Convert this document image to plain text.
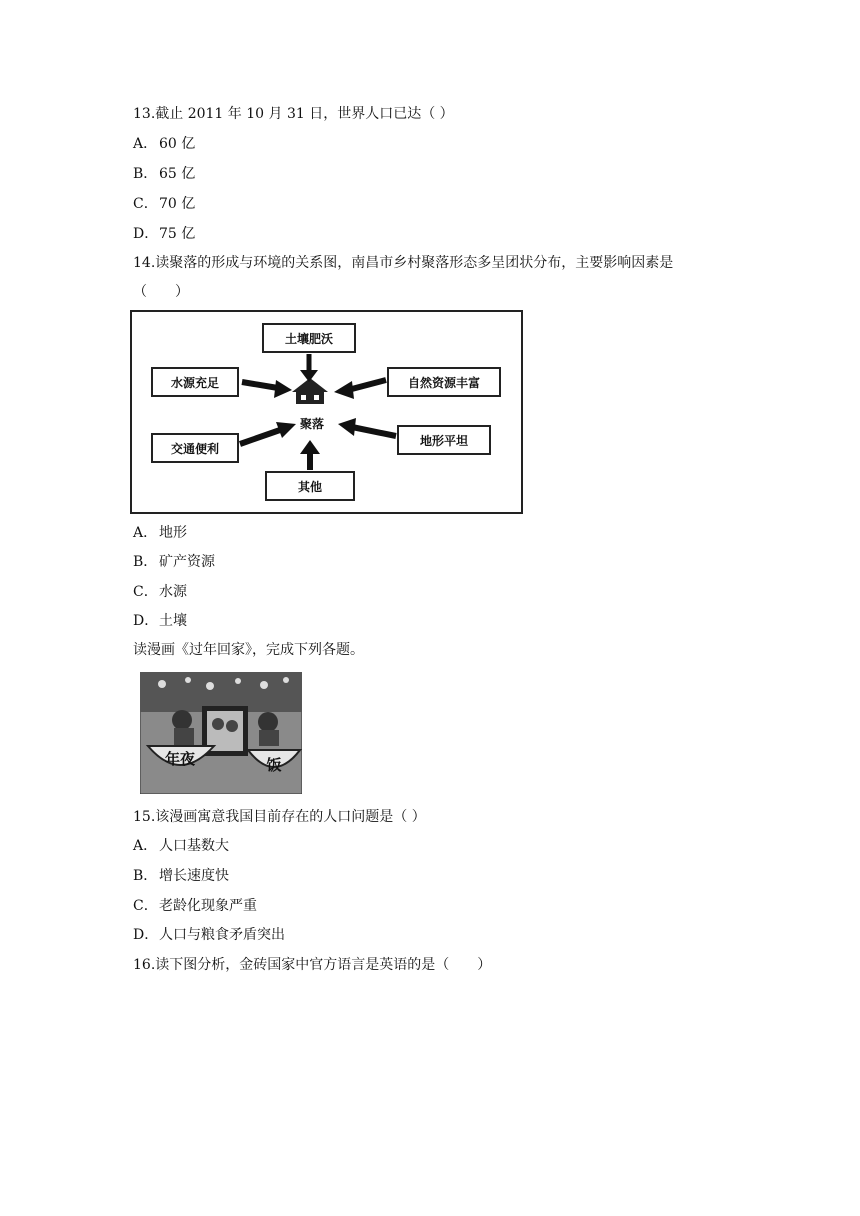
13.截止 2011 年 10 月 31 日，世界人口已达（ ）
A． 60 亿
B． 65 亿
C．70 亿
D．75 亿
14.读聚落的形成与环境的关系图，南昌市乡村聚落形态多呈团状分布，主要影响因素是
（　　）
土壤肥沃
水源充足	自然资源丰富
交通便利
地形平坦
其他
聚落
A． 地形
B． 矿产资源
C．水源
D．土壤
读漫画《过年回家》，完成下列各题。
年夜	饭
15.该漫画寓意我国目前存在的人口问题是（ ）
A． 人口基数大
B． 增长速度快
C．老龄化现象严重
D．人口与粮食矛盾突出
16.读下图分析，金砖国家中官方语言是英语的是（　　）
